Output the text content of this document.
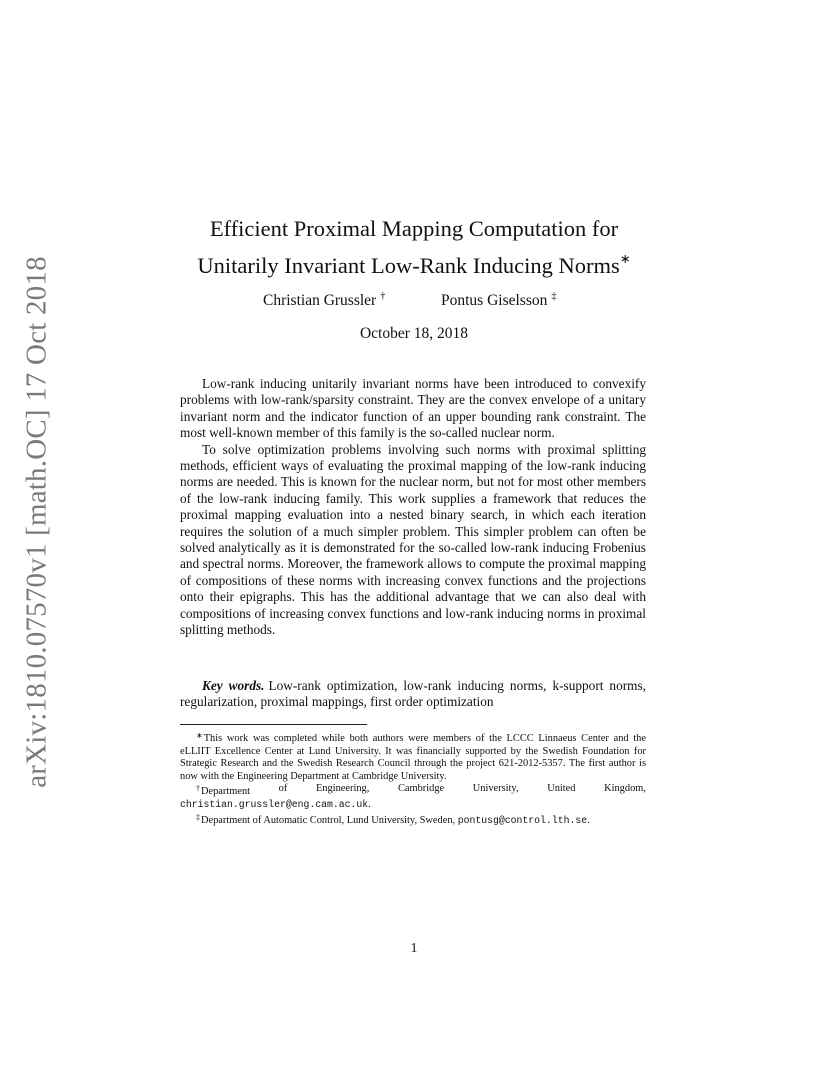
arXiv:1810.07570v1 [math.OC] 17 Oct 2018
Efficient Proximal Mapping Computation for
Unitarily Invariant Low-Rank Inducing Norms∗
Christian Grussler †	Pontus Giselsson ‡
October 18, 2018

Low-rank inducing unitarily invariant norms have been introduced to convexify problems with low-rank/sparsity constraint. They are the convex envelope of a unitary invariant norm and the indicator function of an upper bounding rank constraint. The most well-known member of this family is the so-called nuclear norm.

To solve optimization problems involving such norms with proximal splitting methods, efficient ways of evaluating the proximal mapping of the low-rank inducing norms are needed. This is known for the nuclear norm, but not for most other members of the low-rank inducing family. This work supplies a framework that reduces the proximal mapping evaluation into a nested binary search, in which each iteration requires the solution of a much simpler problem. This simpler problem can often be solved analytically as it is demonstrated for the so-called low-rank inducing Frobenius and spectral norms. Moreover, the framework allows to compute the proximal mapping of compositions of these norms with increasing convex functions and the projections onto their epigraphs. This has the additional advantage that we can also deal with compositions of increasing convex functions and low-rank inducing norms in proximal splitting methods.

Key words. Low-rank optimization, low-rank inducing norms, k-support norms, regularization, proximal mappings, first order optimization

∗This work was completed while both authors were members of the LCCC Linnaeus Center and the eLLIIT Excellence Center at Lund University. It was financially supported by the Swedish Foundation for Strategic Research and the Swedish Research Council through the project 621-2012-5357. The first author is now with the Engineering Department at Cambridge University.

†Department	of	Engineering,	Cambridge	University,	United	Kingdom,

christian.grussler@eng.cam.ac.uk.

‡Department of Automatic Control, Lund University, Sweden, pontusg@control.lth.se.

1
